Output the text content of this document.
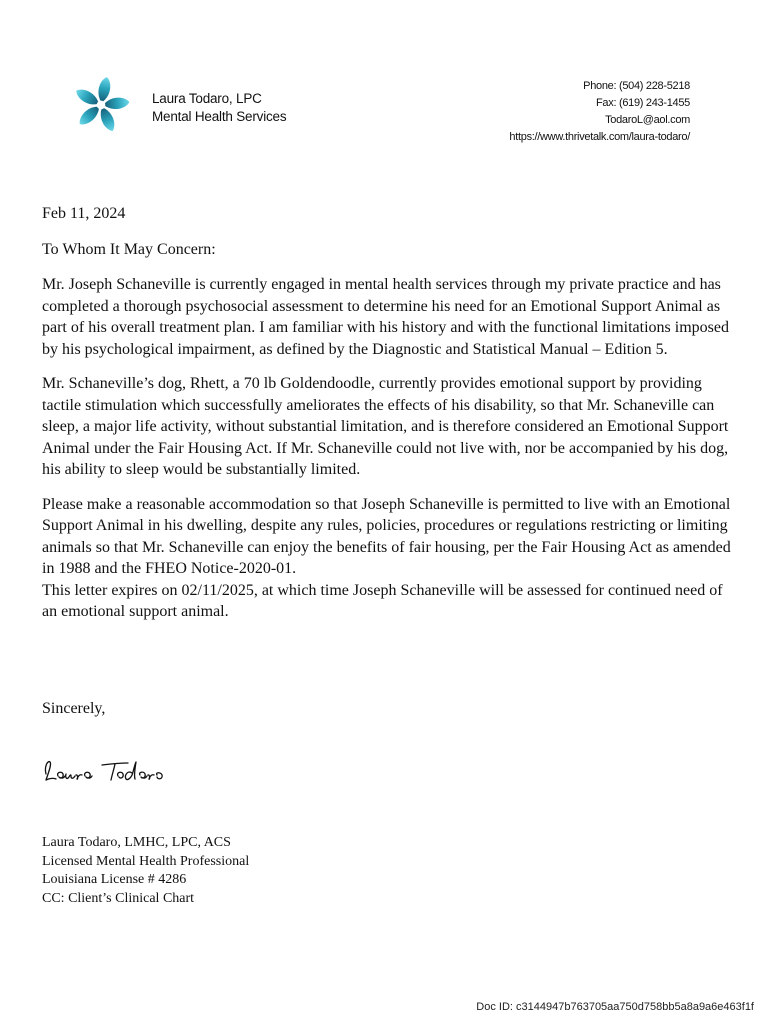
Laura Todaro, LPC
Mental Health Services
Phone: (504) 228-5218
Fax: (619) 243-1455
TodaroL@aol.com
https://www.thrivetalk.com/laura-todaro/

Feb 11, 2024

To Whom It May Concern:

Mr. Joseph Schaneville is currently engaged in mental health services through my private practice and has completed a thorough psychosocial assessment to determine his need for an Emotional Support Animal as part of his overall treatment plan. I am familiar with his history and with the functional limitations imposed by his psychological impairment, as defined by the Diagnostic and Statistical Manual – Edition 5.

Mr. Schaneville’s dog, Rhett, a 70 lb Goldendoodle, currently provides emotional support by providing tactile stimulation which successfully ameliorates the effects of his disability, so that Mr. Schaneville can sleep, a major life activity, without substantial limitation, and is therefore considered an Emotional Support Animal under the Fair Housing Act. If Mr. Schaneville could not live with, nor be accompanied by his dog, his ability to sleep would be substantially limited.

Please make a reasonable accommodation so that Joseph Schaneville is permitted to live with an Emotional Support Animal in his dwelling, despite any rules, policies, procedures or regulations restricting or limiting animals so that Mr. Schaneville can enjoy the benefits of fair housing, per the Fair Housing Act as amended in 1988 and the FHEO Notice-2020-01.

This letter expires on 02/11/2025, at which time Joseph Schaneville will be assessed for continued need of an emotional support animal.

Sincerely,
Laura Todaro, LMHC, LPC, ACS
Licensed Mental Health Professional
Louisiana License # 4286
CC: Client’s Clinical Chart
Doc ID: c3144947b763705aa750d758bb5a8a9a6e463f1f
